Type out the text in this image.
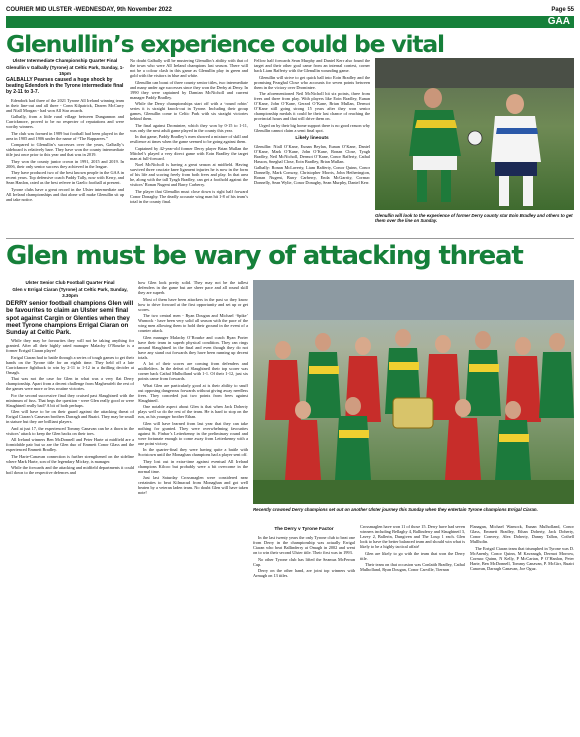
COURIER MID ULSTER -WEDNESDAY, 9th November 2022	Page 55
GAA
Glenullin’s experience could be vital
Ulster Intermediate Championship Quarter Final
Glenullin v Galbally (Tyrone) at Celtic Park, Sunday, 1-15pm
GALBALLY Pearses caused a huge shock by beating Edendork in the Tyrone intermediate final by 2-11 to 3-7.

Edendork had three of the 2021 Tyrone All Ireland winning team in their line-out and all three - Conn Kilpatrick, Darren McCurry and Niall Morgan - had won All Star awards.

Galbally, from a little rural village between Dungannon and Carrickmore, proved to be no respecter of reputations and were worthy winners.

The club was formed in 1989 but football had been played in the area in 1905 and 1906 under the name of “The Rapparees.”

Compared to Glenullin’s successes over the years, Galbally’s sideboard is relatively bare. They have won the county intermediate title just once prior to this year and that was in 2019.

They won the county junior crown in 1991, 2015 and 2019. In 2006, their only senior success they achieved in the league.

They have produced two of the best known people in the GAA in recent years. Top defensive coach Paddy Tally, now with Kerry, and Sean Hanlon, rated as the best referee in Gaelic football at present.

Tyrone clubs have a great record in the Ulster intermediate and All Ireland championships and that alone will make Glenullin sit up and take notice.

No doubt Galbally will be mustering Glenullin’s ability with that of the town who were All Ireland champions last season. There will not be a colour clash in this game as Glenullin play in green and gold with the visitors in blue and white.

Glenullin can boast of three county senior titles, two intermediate and many under age successes since they won the Derby at Derry. In 1990 they were captained by Damian McNicholl and current manager Paddy Bradley.

While the Derry championships start off with a ‘round robin’ series it is straight knock-out in Tyrone. Including their group games, Glenullin come to Celtic Park with six straight victories behind them.

The final against Dromintee, which they won by 0-15 to 1-11, was only the next adult game played in the county this year.

In that game, Paddy Bradley’s men showed a mixture of skill and resilience at times when the game seemed to be going against them.

Captained by 42-year-old former Derry player Brian Mullan the Mitchel’s played a very direct game with Eoin Bradley the target man at full-forward.

Noel McNicholl is having a great season at midfield. Having survived three cruciate knee ligament injuries he is now in the form of his life and scoring freely from both frees and play. In that area he, along with the tall Tyagh Bradley, can get a foothold against the visitors’ Ronan Nugent and Barry Carberry.

The player that Glenullin must close down is right half forward Conor Donaghy. The deadly accurate wing man hit 1-8 of his team’s total in the county final.

Fellow half forwards Sean Murphy and Daniel Kerr also found the target and their other goal came from an internal contest, corner back Liam Rafferty with the Glenullin wounding game.

Glenullin will strive to get quick ball into Eoin Bradley and the promising Fearghal Close who accounts for seven points between them in the victory over Dromintee.

The aforementioned Neil McNicholl hit six points, three from frees and three from play. With players like Eoin Bradley, Eunan O’Kane, John O’Kane, Gerard O’Kane, Brian Mullan, Dermot O’Kane still going strong 15 years after they won senior championship medals it could be their last chance of reaching the provincial hours and that will drive them on.

Urged on by their big home support there is no good reason why Glenullin cannot claim a semi final spot.

Likely lineouts

Glenullin: Niall O’Kane, Eunan Beylan, Eunan O’Kane, Daniel O’Kane, Mark O’Kane, John O’Kane, Ronan Close, Tyagh Bradley, Neil McNicholl, Dermot O’Kane, Conor Rafferty, Cathal Hasson, Sneghal Close, Eoin Bradley, Brian Mullan.

Galbally: Ronan McLaverty, Liam Rafferty, Conor Quinn, Conor Donnelly, Mark Conway, Christopher Morris, John Hetherington, Ronan Nugent, Barry Carberry, Enda McGarrity, Cormac Donnelly, Sean Wylie, Conor Donaghy, Sean Murphy, Daniel Kerr.

Glenullin will look to the experience of former Derry county star Eoin Bradley and others to get them over the line on Sunday.
Glen must be wary of attacking threat
Ulster Senior Club Football Quarter Final
Glen v Errigal Ciaran (Tyrone) at Celtic Park, Sunday, 3.30pm
DERRY senior football champions Glen will be favourites to claim an Ulster semi final spot against Cargin or Glenties when they meet Tyrone champions Errigal Ciaran on Sunday at Celtic Park.

While they may be favourites they will not be taking anything for granted. After all their highly rated manager Malachy O’Rourke is a former Errigal Ciaran player!

Errigal Ciaran had to battle through a series of tough games to get their hands on the Tyrone title for an eighth time. They held off a late Carrickmore fightback to win by 2-11 to 1-12 in a thrilling decider at Omagh.

That was not the case for Glen in what was a very flat Derry championship. Apart from a decent challenge from Magherafelt the rest of the games were more or less routine victories.

For the second successive final they cruised past Slaughtneil with the minimum of fuss. That begs the question - were Glen really good or were Slaughtneil really bad? A bit of both perhaps.

Glen will have to be on their guard against the attacking threat of Errigal Ciaran’s Canavan brothers Darragh and Ruairi. They may be small in stature but they are brilliant players.

And at just 17, the experienced Tommy Canavan can be a thorn in the visitors’ attack to keep the Glen backs on their toes.

All Ireland winners Ben McDonnell and Peter Harte at midfield are a formidable pair but so are the Glen duo of Emmett Conor Glass and the experienced Emmett Bradley.

The Harte-Canavan connection is further strengthened on the sideline where Mark Harte, son of the legendary Mickey, is manager.

While the forwards and the attacking and midfield departments it could boil down to the respective defences and

how Glen look pretty solid. They may not be the tallest defenders in the game but are sheer pace and all round skill they are superb.

Most of them have been attackers in the past so they know how to drive forward at the first opportunity and set up or get scores.

The two central men - Ryan Dougan and Michael ‘Spike’ Warnock - have been very solid all season with the pace of the wing men allowing them to hold their ground in the event of a counter attack.

Glen manager Malachy O’Rourke and coach Ryan Porter have their team in superb physical condition. They ran rings around Slaughtneil in the final and even though they do not have any stand out forwards they have been running up decent totals.

A lot of their scores are coming from defenders and midfielders. In the defeat of Slaughtneil their top scorer was corner back Cathal Mulholland with 1-1. Of their 1-12, just six points came from forwards.

What Glen are particularly good at is their ability to snuff out opposing dangerous forwards without giving away needless frees. They conceded just two points from frees against Slaughtneil.

One notable aspect about Glen is that when Jack Doherty plays well so do the rest of the team. He is hard to stop on the run, as his younger brother Ethan.

Glen will have learned from last year that they can take nothing for granted. They were overwhelming favourites against St. Finbar’s Letterkenny in the preliminary round and were fortunate enough to come away from Letterkenny with a one point victory.

In the quarter-final they were having quite a battle with Scotstown until the Monaghan champions had a player sent off.

They lost out in extra-time against eventual All Ireland champions Kilcoo but probably were a bit overcome in the normal time.

Just last Saturday Crossmaglen were considered near certainties to beat Kilmacud from Monaghan and got well beaten by a veteran laden team. No doubt Glen will have taken note!

Recently crowned Derry champions set out on another Ulster journey this Sunday when they entertain Tyrone champions Errigal Ciaran.
The Derry v Tyrone Factor

In the last twenty years the only Tyrone club to beat one from Derry in the championship was actually Errigal Ciaran who beat Ballinderry at Omagh in 2002 and went on to win their second Ulster title. Their first was in 1993.

No other Tyrone club has lifted the Seamus McFerran Cup.

Derry on the other hand, are joint top winners with Armagh on 13 titles.

Crossmaglen have won 11 of those 15. Derry have had seven winners including Bellaghy 4, Ballinderry and Slaughtneil 3, Lavey 2, Ballerin, Dungiven and The Loup 1 each. Glen look to have the better balanced team and should win what is likely to be a highly tactical affair!

Glen are likely to go with the team that won the Derry title.

Their team on that occasion was Conlaith Bradley, Cathal Mulholland, Ryan Dougan, Conor Carville, Tiernan

Flanagan, Michael Warnock, Eunan Mulholland, Conor Glass, Emmett Bradley, Ethan Doherty, Jack Doherty, Conor Convery, Alex Doherty, Danny Tallon, Cothell Mullholin.

The Errigal Ciaran team that triumphed in Tyrone was D. McAnenly, Conor Quinn, M Kavanagh, Dermot Morrow, Cormac Quinn, N Kelly, P McCartan, P O’Hanlon, Peter Harte, Ben McDonnell, Tommy Canavan, P. McGirr, Ruairi Canavan, Darragh Canavan, Joe Oguz.
